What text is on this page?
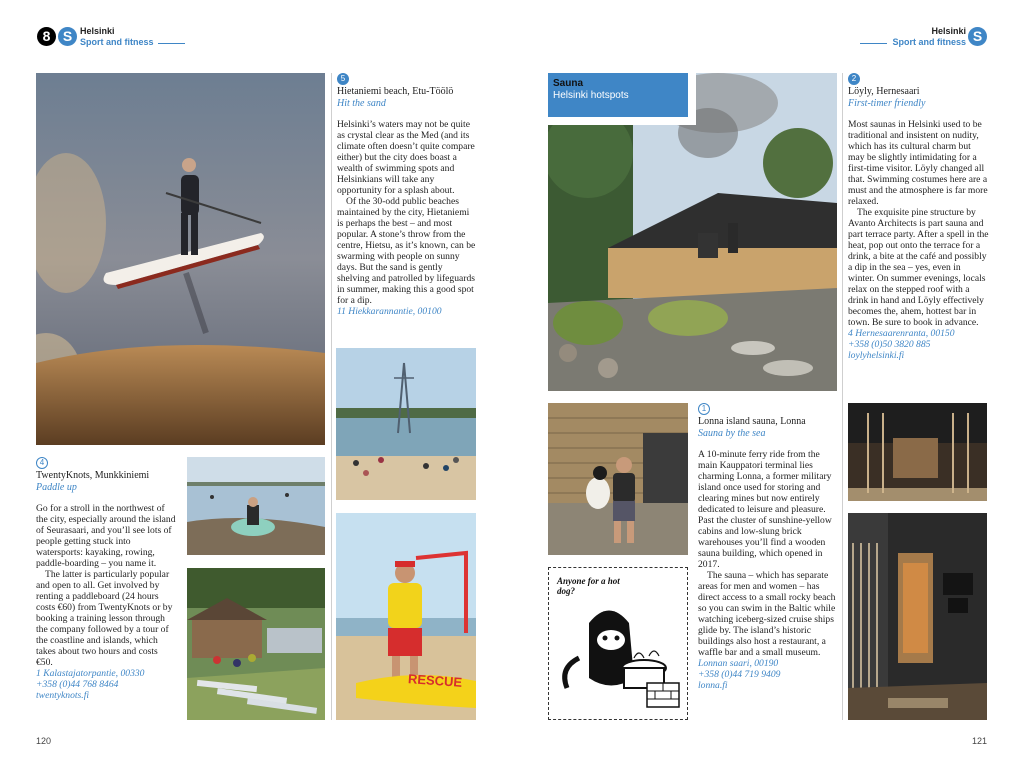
8 S Helsinki
Sport and fitness
Helsinki
Sport and fitness S
RESCUE
5
Hietaniemi beach, Etu-Töölö
Hit the sand

Helsinki’s waters may not be quite as crystal clear as the Med (and its climate often doesn’t quite compare either) but the city does boast a wealth of swimming spots and Helsinkians will take any opportunity for a splash about.

Of the 30-odd public beaches maintained by the city, Hietaniemi is perhaps the best – and most popular. A stone’s throw from the centre, Hietsu, as it’s known, can be swarming with people on sunny days. But the sand is gently shelving and patrolled by lifeguards in summer, making this a good spot for a dip.

11 Hiekkarannantie, 00100
4
TwentyKnots, Munkkiniemi
Paddle up

Go for a stroll in the northwest of the city, especially around the island of Seurasaari, and you’ll see lots of people getting stuck into watersports: kayaking, rowing, paddle-boarding – you name it.

The latter is particularly popular and open to all. Get involved by renting a paddleboard (24 hours costs €60) from TwentyKnots or by booking a training lesson through the company followed by a tour of the coastline and islands, which takes about two hours and costs €50.

1 Kalastajatorpantie, 00330
+358 (0)44 768 8464
twentyknots.fi
120
Sauna
Helsinki hotspots
Anyone for a hot dog?
2
Löyly, Hernesaari
First-timer friendly

Most saunas in Helsinki used to be traditional and insistent on nudity, which has its cultural charm but may be slightly intimidating for a first-time visitor. Löyly changed all that. Swimming costumes here are a must and the atmosphere is far more relaxed.

The exquisite pine structure by Avanto Architects is part sauna and part terrace party. After a spell in the heat, pop out onto the terrace for a drink, a bite at the café and possibly a dip in the sea – yes, even in winter. On summer evenings, locals relax on the stepped roof with a drink in hand and Löyly effectively becomes the, ahem, hottest bar in town. Be sure to book in advance.

4 Hernesaarenranta, 00150
+358 (0)50 3820 885
loylyhelsinki.fi
1
Lonna island sauna, Lonna
Sauna by the sea

A 10-minute ferry ride from the main Kauppatori terminal lies charming Lonna, a former military island once used for storing and clearing mines but now entirely dedicated to leisure and pleasure. Past the cluster of sunshine-yellow cabins and low-slung brick warehouses you’ll find a wooden sauna building, which opened in 2017.

The sauna – which has separate areas for men and women – has direct access to a small rocky beach so you can swim in the Baltic while watching iceberg-sized cruise ships glide by. The island’s historic buildings also host a restaurant, a waffle bar and a small museum.

Lonnan saari, 00190
+358 (0)44 719 9409
lonna.fi
121
